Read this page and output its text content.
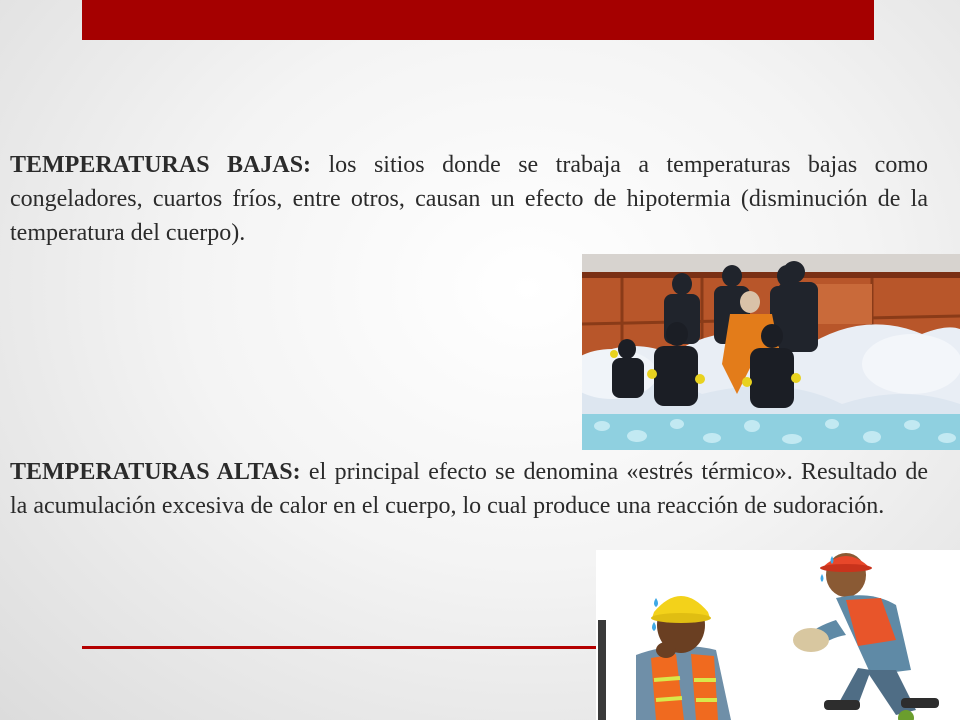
TEMPERATURAS BAJAS: los sitios donde se trabaja a temperaturas bajas como congeladores, cuartos fríos, entre otros, causan un efecto de hipotermia (disminución de la temperatura del cuerpo).

TEMPERATURAS ALTAS: el principal efecto se denomina «estrés térmico». Resultado de la acumulación excesiva de calor en el cuerpo, lo cual produce una reacción de sudoración.
